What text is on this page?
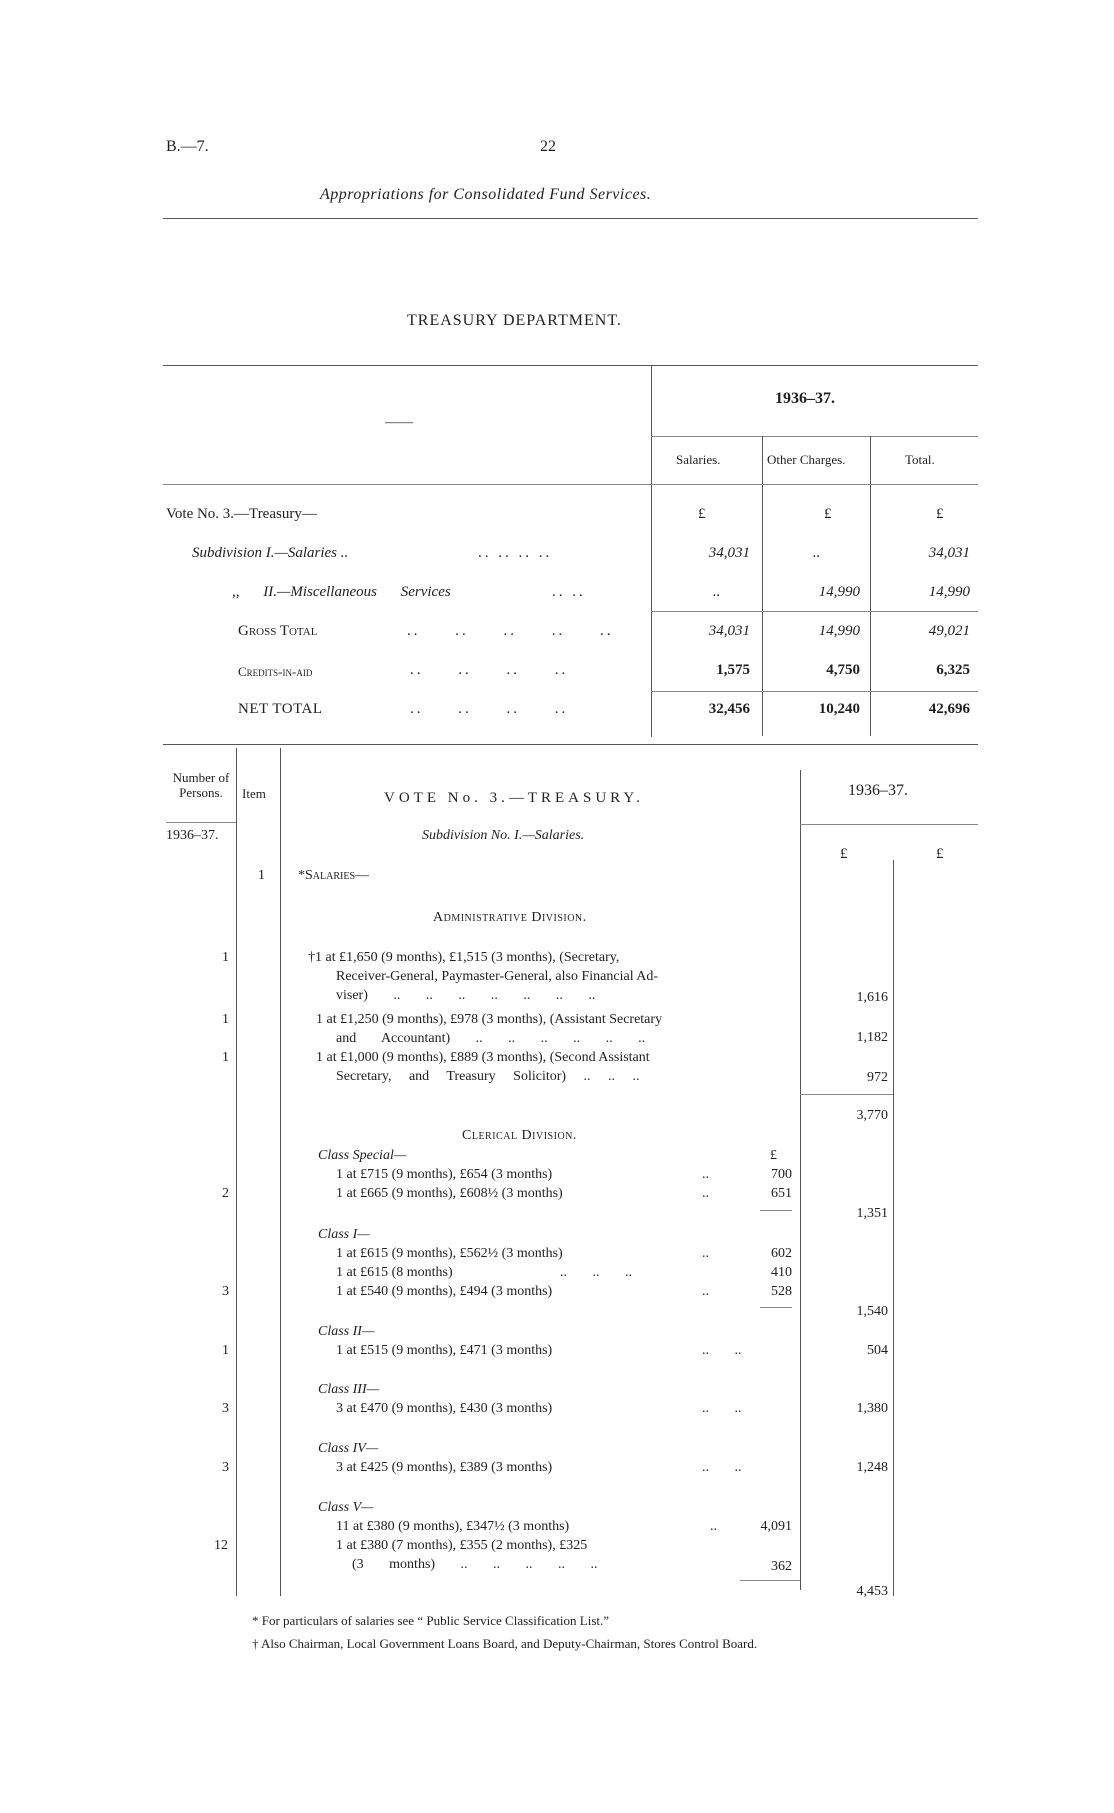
B.—7.	22
Appropriations for Consolidated Fund Services.
TREASURY DEPARTMENT.
1936–37.
——
Salaries.	Other Charges.	Total.
Vote No. 3.—Treasury—	£	£	£
Subdivision I.—Salaries ..	.. .. .. ..	34,031	..	34,031
,, II.—Miscellaneous Services	.. ..	..	14,990	14,990
Gross Total	.. .. .. .. ..	34,031	14,990	49,021
Credits-in-aid	.. .. .. ..	1,575	4,750	6,325
NET TOTAL	.. .. .. ..	32,456	10,240	42,696
Number of Persons.	Item	VOTE No. 3.—TREASURY.	1936–37.
1936–37.	Subdivision No. I.—Salaries.
£	£
1 *Salaries—
Administrative Division.
1	†1 at £1,650 (9 months), £1,515 (3 months), (Secretary,
Receiver-General, Paymaster-General, also Financial Ad-
viser) .. .. .. .. .. .. ..	1,616
1	1 at £1,250 (9 months), £978 (3 months), (Assistant Secretary
and Accountant) .. .. .. .. .. ..	1,182
1	1 at £1,000 (9 months), £889 (3 months), (Second Assistant
Secretary, and Treasury Solicitor) .. .. ..	972
3,770
Clerical Division.
Class Special—	£
1 at £715 (9 months), £654 (3 months)	..	700
2	1 at £665 (9 months), £608½ (3 months)	..	651
1,351
Class I—
1 at £615 (9 months), £562½ (3 months)	..	602
1 at £615 (8 months)	.. .. ..	410
3	1 at £540 (9 months), £494 (3 months)	..	528
1,540
Class II—
1	1 at £515 (9 months), £471 (3 months)	.. ..	504
Class III—
3	3 at £470 (9 months), £430 (3 months)	.. ..	1,380
Class IV—
3	3 at £425 (9 months), £389 (3 months)	.. ..	1,248
Class V—
11 at £380 (9 months), £347½ (3 months)	..	4,091
12	1 at £380 (7 months), £355 (2 months), £325
(3 months) .. .. .. .. ..	362
4,453
* For particulars of salaries see “ Public Service Classification List.”
† Also Chairman, Local Government Loans Board, and Deputy-Chairman, Stores Control Board.
